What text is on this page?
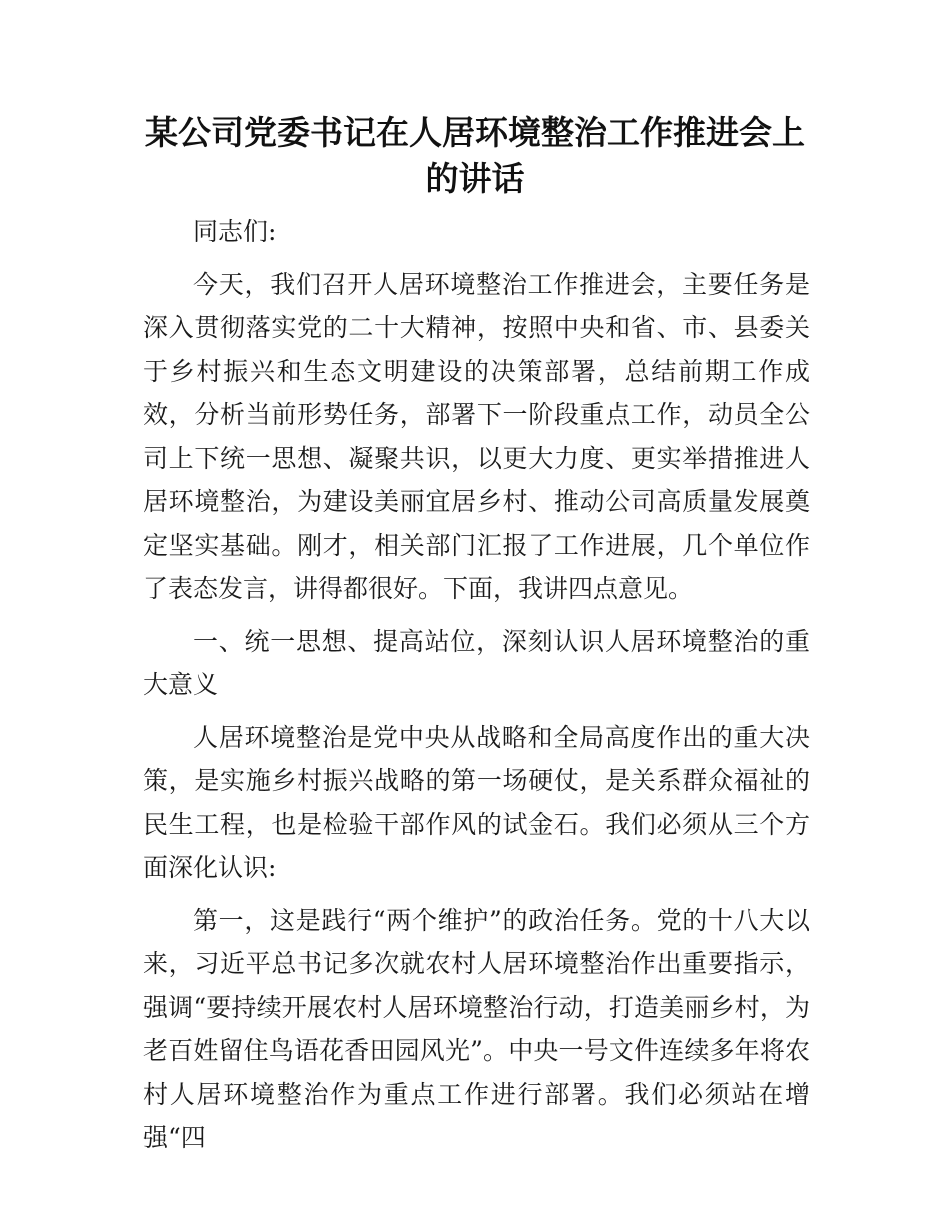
某公司党委书记在人居环境整治工作推进会上的讲话

同志们:

今天，我们召开人居环境整治工作推进会，主要任务是深入贯彻落实党的二十大精神，按照中央和省、市、县委关于乡村振兴和生态文明建设的决策部署，总结前期工作成效，分析当前形势任务，部署下一阶段重点工作，动员全公司上下统一思想、凝聚共识，以更大力度、更实举措推进人居环境整治，为建设美丽宜居乡村、推动公司高质量发展奠定坚实基础。刚才，相关部门汇报了工作进展，几个单位作了表态发言，讲得都很好。下面，我讲四点意见。

一、统一思想、提高站位，深刻认识人居环境整治的重大意义

人居环境整治是党中央从战略和全局高度作出的重大决策，是实施乡村振兴战略的第一场硬仗，是关系群众福祉的民生工程，也是检验干部作风的试金石。我们必须从三个方面深化认识:

第一，这是践行“两个维护”的政治任务。党的十八大以来，习近平总书记多次就农村人居环境整治作出重要指示，强调“要持续开展农村人居环境整治行动，打造美丽乡村，为老百姓留住鸟语花香田园风光”。中央一号文件连续多年将农村人居环境整治作为重点工作进行部署。我们必须站在增强“四
